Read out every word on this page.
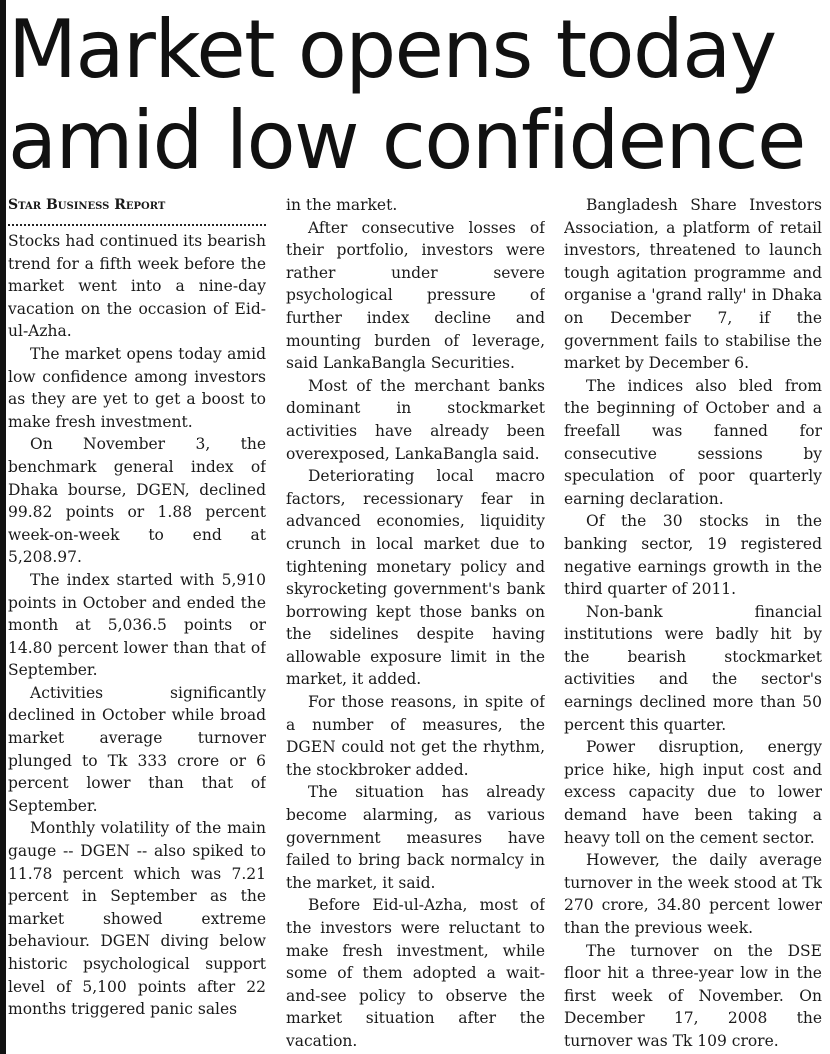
Market opens today
amid low confidence

Star Business Report

Stocks had continued its bearish trend for a fifth week before the market went into a nine-day vacation on the occasion of Eid-ul-Azha.

The market opens today amid low confidence among investors as they are yet to get a boost to make fresh investment.

On November 3, the benchmark general index of Dhaka bourse, DGEN, declined 99.82 points or 1.88 percent week-on-week to end at 5,208.97.

The index started with 5,910 points in October and ended the month at 5,036.5 points or 14.80 percent lower than that of September.

Activities significantly declined in October while broad market average turnover plunged to Tk 333 crore or 6 percent lower than that of September.

Monthly volatility of the main gauge -- DGEN -- also spiked to 11.78 percent which was 7.21 percent in September as the market showed extreme behaviour. DGEN diving below historic psychological support level of 5,100 points after 22 months triggered panic sales

in the market.

After consecutive losses of their portfolio, investors were rather under severe psychological pressure of further index decline and mounting burden of leverage, said LankaBangla Securities.

Most of the merchant banks dominant in stockmarket activities have already been overexposed, LankaBangla said.

Deteriorating local macro factors, recessionary fear in advanced economies, liquidity crunch in local market due to tightening monetary policy and skyrocketing government's bank borrowing kept those banks on the sidelines despite having allowable exposure limit in the market, it added.

For those reasons, in spite of a number of measures, the DGEN could not get the rhythm, the stockbroker added.

The situation has already become alarming, as various government measures have failed to bring back normalcy in the market, it said.

Before Eid-ul-Azha, most of the investors were reluctant to make fresh investment, while some of them adopted a wait-and-see policy to observe the market situation after the vacation.

Bangladesh Share Investors Association, a platform of retail investors, threatened to launch tough agitation programme and organise a 'grand rally' in Dhaka on December 7, if the government fails to stabilise the market by December 6.

The indices also bled from the beginning of October and a freefall was fanned for consecutive sessions by speculation of poor quarterly earning declaration.

Of the 30 stocks in the banking sector, 19 registered negative earnings growth in the third quarter of 2011.

Non-bank financial institutions were badly hit by the bearish stockmarket activities and the sector's earnings declined more than 50 percent this quarter.

Power disruption, energy price hike, high input cost and excess capacity due to lower demand have been taking a heavy toll on the cement sector.

However, the daily average turnover in the week stood at Tk 270 crore, 34.80 percent lower than the previous week.

The turnover on the DSE floor hit a three-year low in the first week of November. On December 17, 2008 the turnover was Tk 109 crore.
